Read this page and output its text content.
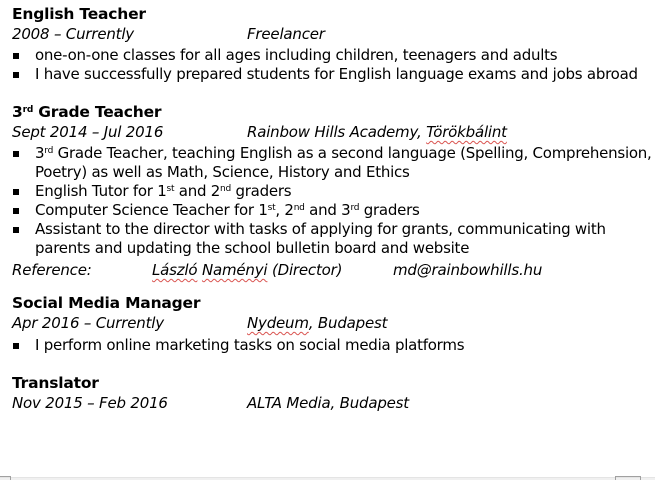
English Teacher
2008 – Currently	Freelancer
one-on-one classes for all ages including children, teenagers and adults
I have successfully prepared students for English language exams and jobs abroad
3rd Grade Teacher
Sept 2014 – Jul 2016	Rainbow Hills Academy, Törökbálint
3rd Grade Teacher, teaching English as a second language (Spelling, Comprehension, Poetry) as well as Math, Science, History and Ethics
English Tutor for 1st and 2nd graders
Computer Science Teacher for 1st, 2nd and 3rd graders
Assistant to the director with tasks of applying for grants, communicating with parents and updating the school bulletin board and website
Reference:	László Naményi (Director)	md@rainbowhills.hu
Social Media Manager
Apr 2016 – Currently	Nydeum, Budapest
I perform online marketing tasks on social media platforms
Translator
Nov 2015 – Feb 2016	ALTA Media, Budapest
